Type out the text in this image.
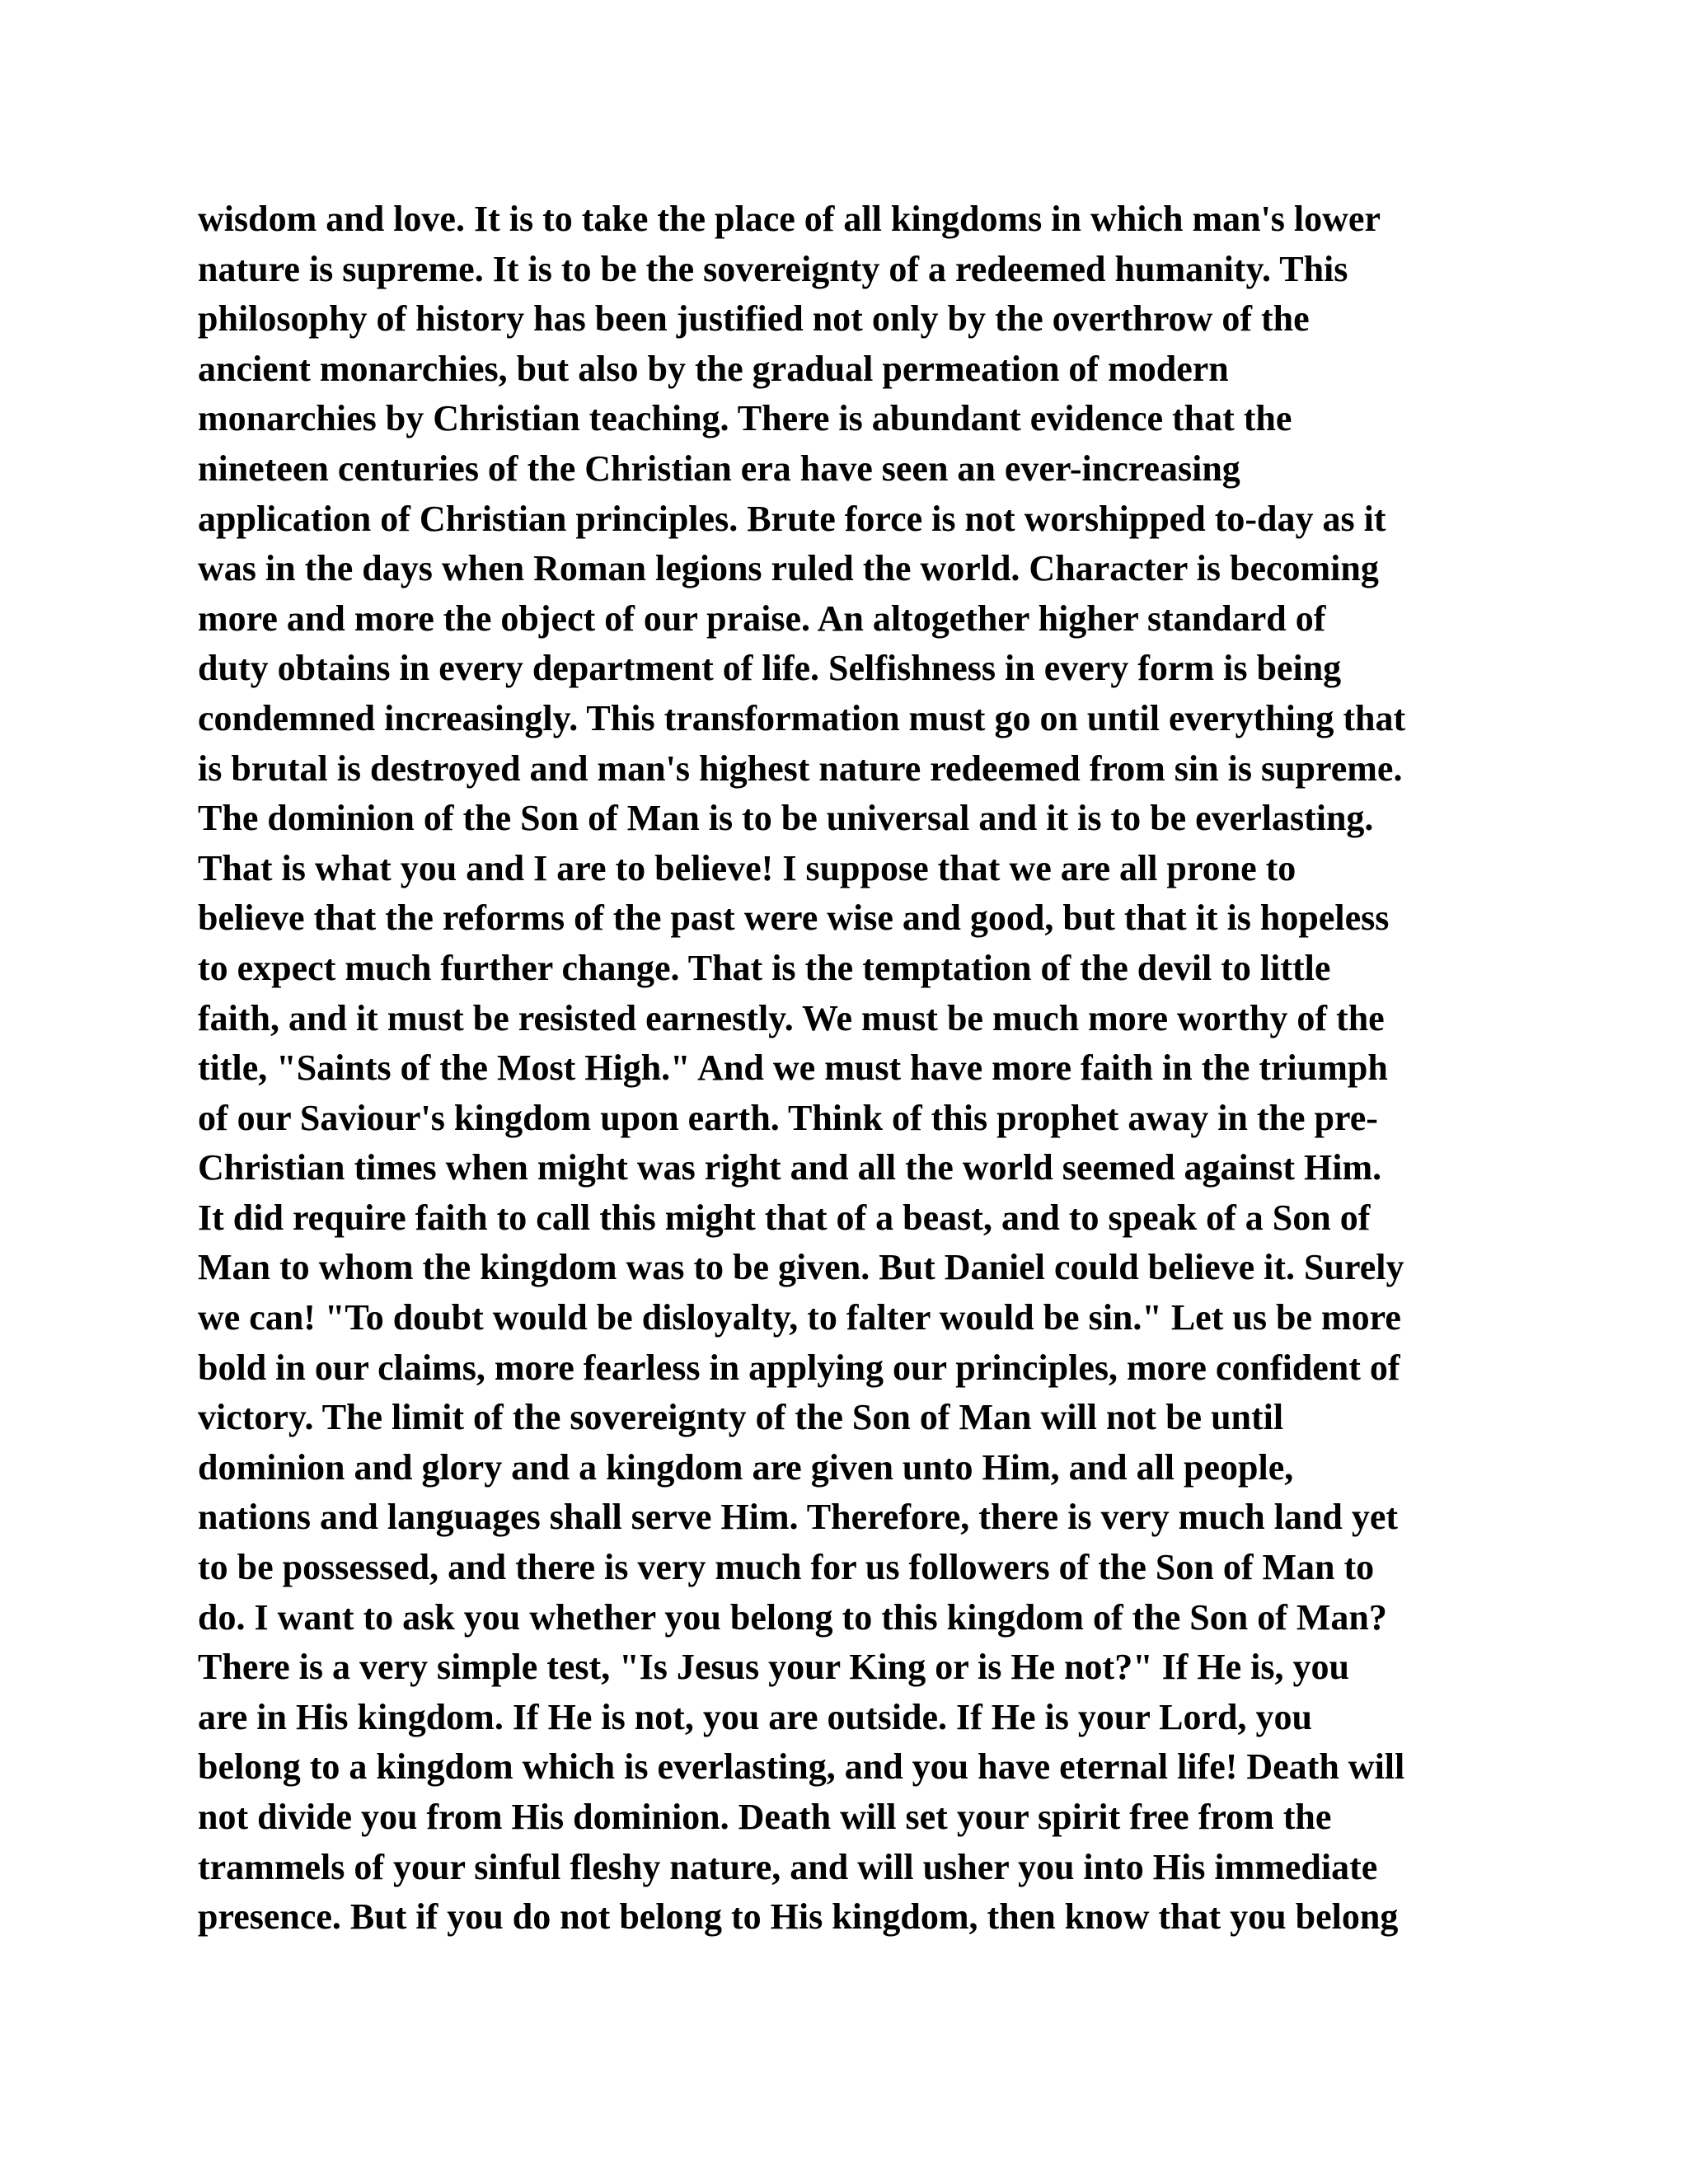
wisdom and love. It is to take the place of all kingdoms in which man's lower
nature is supreme. It is to be the sovereignty of a redeemed humanity. This
philosophy of history has been justified not only by the overthrow of the
ancient monarchies, but also by the gradual permeation of modern
monarchies by Christian teaching. There is abundant evidence that the
nineteen centuries of the Christian era have seen an ever-increasing
application of Christian principles. Brute force is not worshipped to-day as it
was in the days when Roman legions ruled the world. Character is becoming
more and more the object of our praise. An altogether higher standard of
duty obtains in every department of life. Selfishness in every form is being
condemned increasingly. This transformation must go on until everything that
is brutal is destroyed and man's highest nature redeemed from sin is supreme.
The dominion of the Son of Man is to be universal and it is to be everlasting.
That is what you and I are to believe! I suppose that we are all prone to
believe that the reforms of the past were wise and good, but that it is hopeless
to expect much further change. That is the temptation of the devil to little
faith, and it must be resisted earnestly. We must be much more worthy of the
title, "Saints of the Most High." And we must have more faith in the triumph
of our Saviour's kingdom upon earth. Think of this prophet away in the pre-
Christian times when might was right and all the world seemed against Him.
It did require faith to call this might that of a beast, and to speak of a Son of
Man to whom the kingdom was to be given. But Daniel could believe it. Surely
we can! "To doubt would be disloyalty, to falter would be sin." Let us be more
bold in our claims, more fearless in applying our principles, more confident of
victory. The limit of the sovereignty of the Son of Man will not be until
dominion and glory and a kingdom are given unto Him, and all people,
nations and languages shall serve Him. Therefore, there is very much land yet
to be possessed, and there is very much for us followers of the Son of Man to
do. I want to ask you whether you belong to this kingdom of the Son of Man?
There is a very simple test, "Is Jesus your King or is He not?" If He is, you
are in His kingdom. If He is not, you are outside. If He is your Lord, you
belong to a kingdom which is everlasting, and you have eternal life! Death will
not divide you from His dominion. Death will set your spirit free from the
trammels of your sinful fleshy nature, and will usher you into His immediate
presence. But if you do not belong to His kingdom, then know that you belong
